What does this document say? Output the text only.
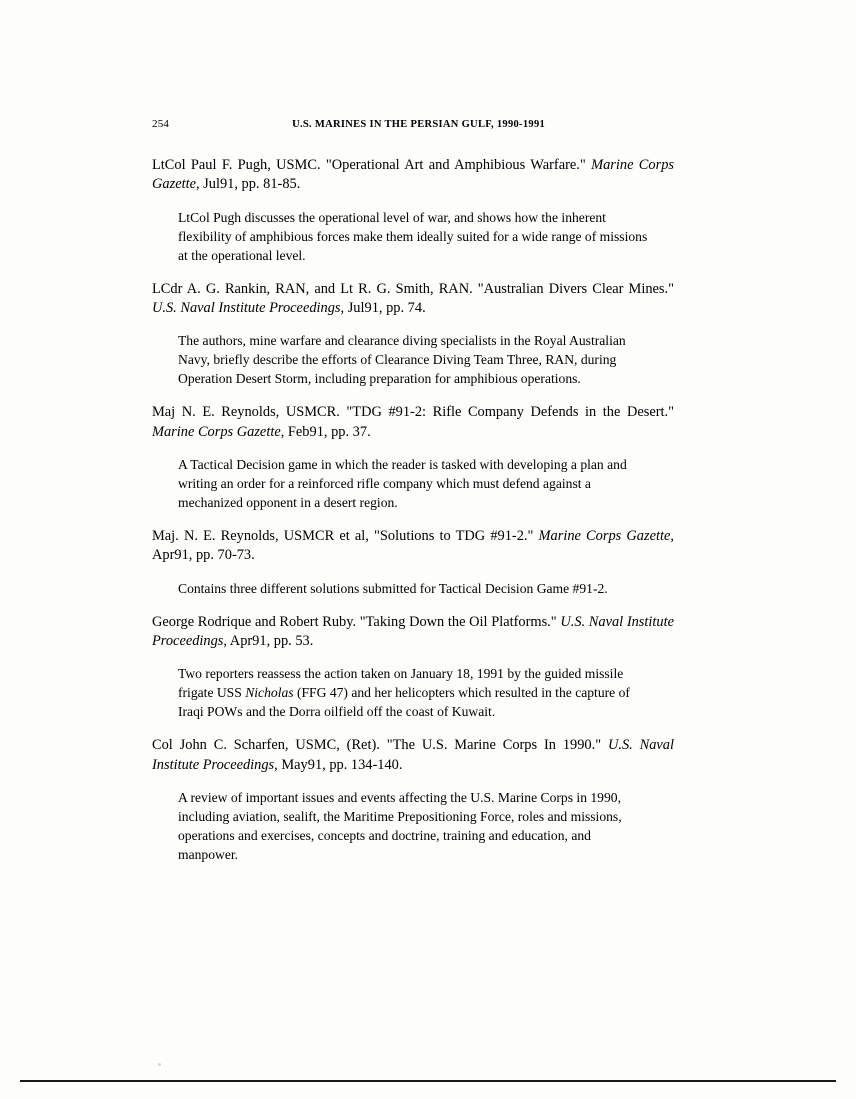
254	U.S. MARINES IN THE PERSIAN GULF, 1990-1991

LtCol Paul F. Pugh, USMC. "Operational Art and Amphibious Warfare." Marine Corps Gazette, Jul91, pp. 81-85.

LtCol Pugh discusses the operational level of war, and shows how the inherent flexibility of amphibious forces make them ideally suited for a wide range of missions at the operational level.

LCdr A. G. Rankin, RAN, and Lt R. G. Smith, RAN. "Australian Divers Clear Mines." U.S. Naval Institute Proceedings, Jul91, pp. 74.

The authors, mine warfare and clearance diving specialists in the Royal Australian Navy, briefly describe the efforts of Clearance Diving Team Three, RAN, during Operation Desert Storm, including preparation for amphibious operations.

Maj N. E. Reynolds, USMCR. "TDG #91-2: Rifle Company Defends in the Desert." Marine Corps Gazette, Feb91, pp. 37.

A Tactical Decision game in which the reader is tasked with developing a plan and writing an order for a reinforced rifle company which must defend against a mechanized opponent in a desert region.

Maj. N. E. Reynolds, USMCR et al, "Solutions to TDG #91-2." Marine Corps Gazette, Apr91, pp. 70-73.

Contains three different solutions submitted for Tactical Decision Game #91-2.

George Rodrique and Robert Ruby. "Taking Down the Oil Platforms." U.S. Naval Institute Proceedings, Apr91, pp. 53.

Two reporters reassess the action taken on January 18, 1991 by the guided missile frigate USS Nicholas (FFG 47) and her helicopters which resulted in the capture of Iraqi POWs and the Dorra oilfield off the coast of Kuwait.

Col John C. Scharfen, USMC, (Ret). "The U.S. Marine Corps In 1990." U.S. Naval Institute Proceedings, May91, pp. 134-140.

A review of important issues and events affecting the U.S. Marine Corps in 1990, including aviation, sealift, the Maritime Prepositioning Force, roles and missions, operations and exercises, concepts and doctrine, training and education, and manpower.
